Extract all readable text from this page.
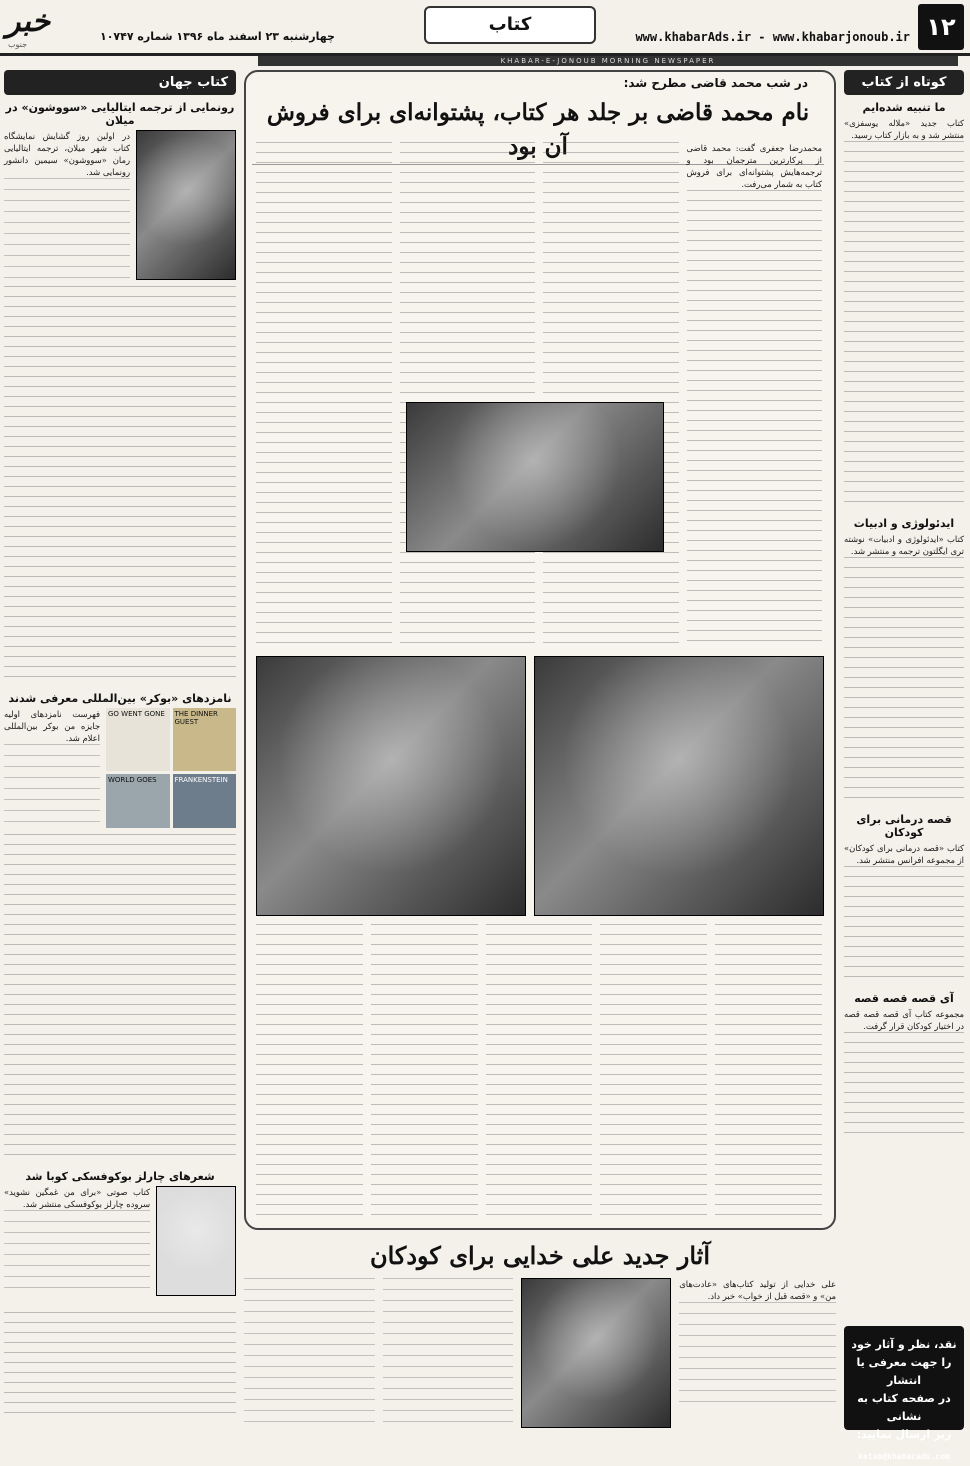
خبر
جنوب
چهارشنبه ۲۳ اسفند ماه ۱۳۹۶ شماره ۱۰۷۴۷
کتاب
www.khabarAds.ir - www.khabarjonoub.ir ۱۲
KHABAR-E-JONOUB MORNING NEWSPAPER
کتاب جهان
رونمایی از ترجمه ایتالیایی «سووشون» در میلان

در اولین روز گشایش نمایشگاه کتاب شهر میلان، ترجمه ایتالیایی رمان «سووشون» سیمین دانشور رونمایی شد.

نامزدهای «بوکر» بین‌المللی معرفی شدند
THE DINNER GUEST
GO WENT GONE
FRANKENSTEIN
WORLD GOES

فهرست نامزدهای اولیه جایزه من بوکر بین‌المللی اعلام شد.

شعرهای چارلز بوکوفسکی کوبا شد

کتاب صوتی «برای من غمگین نشوید» سروده چارلز بوکوفسکی منتشر شد.

در شب محمد قاضی مطرح شد:
نام محمد قاضی بر جلد هر کتاب، پشتوانه‌ای برای فروش آن بود	محمدرضا جعفری گفت: محمد قاضی از پرکارترین مترجمان بود و ترجمه‌هایش پشتوانه‌ای برای فروش کتاب به شمار می‌رفت.

آثار جدید علی خدایی برای کودکان

علی خدایی از تولید کتاب‌های «عادت‌های من» و «قصه قبل از خواب» خبر داد.

کوتاه از کتاب
ما تنبیه شده‌ایم

کتاب جدید «ملاله یوسفزی» منتشر شد و به بازار کتاب رسید.

ایدئولوژی و ادبیات

کتاب «ایدئولوژی و ادبیات» نوشته تری ایگلتون ترجمه و منتشر شد.

قصه درمانی برای کودکان

کتاب «قصه درمانی برای کودکان» از مجموعه افرانس منتشر شد.

آی قصه قصه قصه

مجموعه کتاب آی قصه قصه قصه در اختیار کودکان قرار گرفت.

نقد، نظر و آثار خود
را جهت معرفی یا انتشار
در صفحه کتاب به نشانی
زیر ارسال نمایید:
ketab@khabarads.com
